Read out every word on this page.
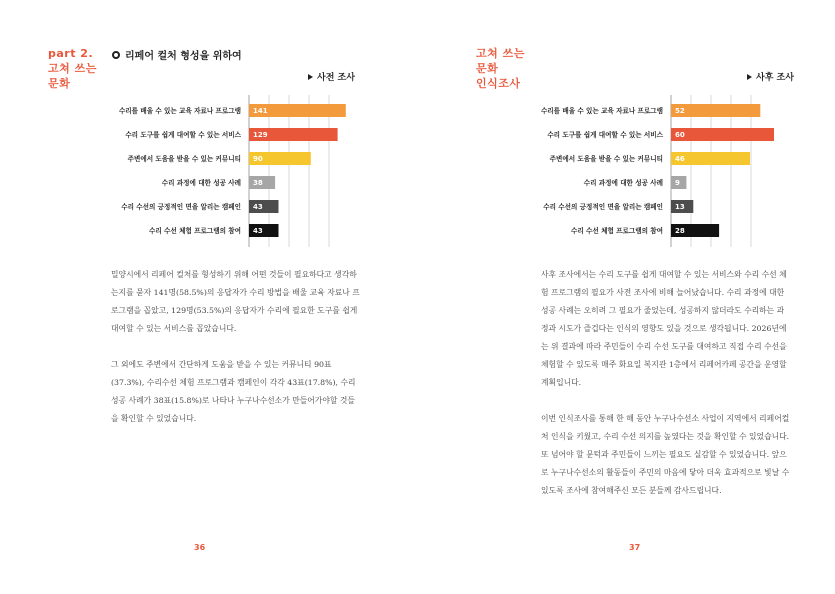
part 2.
고쳐 쓰는
문화
리페어 컬처 형성을 위하여
사전 조사
수리를 배울 수 있는 교육 자료나 프로그램 141
수리 도구를 쉽게 대여할 수 있는 서비스 129
주변에서 도움을 받을 수 있는 커뮤니티 90
수리 과정에 대한 성공 사례 38
수리 수선의 긍정적인 면을 알리는 캠페인 43
수리 수선 체험 프로그램의 참여 43

밀양시에서 리페어 컬처를 형성하기 위해 어떤 것들이 필요하다고 생각하는지를 묻자 141명(58.5%)의 응답자가 수리 방법을 배울 교육 자료나 프로그램을 꼽았고, 129명(53.5%)의 응답자가 수리에 필요한 도구를 쉽게 대여할 수 있는 서비스를 꼽았습니다.

그 외에도 주변에서 간단하게 도움을 받을 수 있는 커뮤니티 90표(37.3%), 수리수선 체험 프로그램과 캠페인이 각각 43표(17.8%), 수리 성공 사례가 38표(15.8%)로 나타나 누구나수선소가 만들어가야할 것들을 확인할 수 있었습니다.

36
고쳐 쓰는
문화
인식조사	사후 조사
수리를 배울 수 있는 교육 자료나 프로그램 52
수리 도구를 쉽게 대여할 수 있는 서비스 60
주변에서 도움을 받을 수 있는 커뮤니티 46
수리 과정에 대한 성공 사례 9
수리 수선의 긍정적인 면을 알리는 캠페인 13
수리 수선 체험 프로그램의 참여 28

사후 조사에서는 수리 도구를 쉽게 대여할 수 있는 서비스와 수리 수선 체험 프로그램의 필요가 사전 조사에 비해 늘어났습니다. 수리 과정에 대한 성공 사례는 오히려 그 필요가 줄었는데, 성공하지 않더라도 수리하는 과정과 시도가 즐겁다는 인식의 영향도 있을 것으로 생각됩니다. 2026년에는 위 결과에 따라 주민들이 수리 수선 도구를 대여하고 직접 수리 수선을 체험할 수 있도록 매주 화요일 복지관 1층에서 리페어카페 공간을 운영할 계획입니다.

이번 인식조사를 통해 한 해 동안 누구나수선소 사업이 지역에서 리페어컬처 인식을 키웠고, 수리 수선 의지를 높였다는 것을 확인할 수 있었습니다. 또 넘어야 할 문턱과 주민들이 느끼는 필요도 실감할 수 있었습니다. 앞으로 누구나수선소의 활동들이 주민의 마음에 닿아 더욱 효과적으로 빛날 수 있도록 조사에 참여해주신 모든 분들께 감사드립니다.

37
